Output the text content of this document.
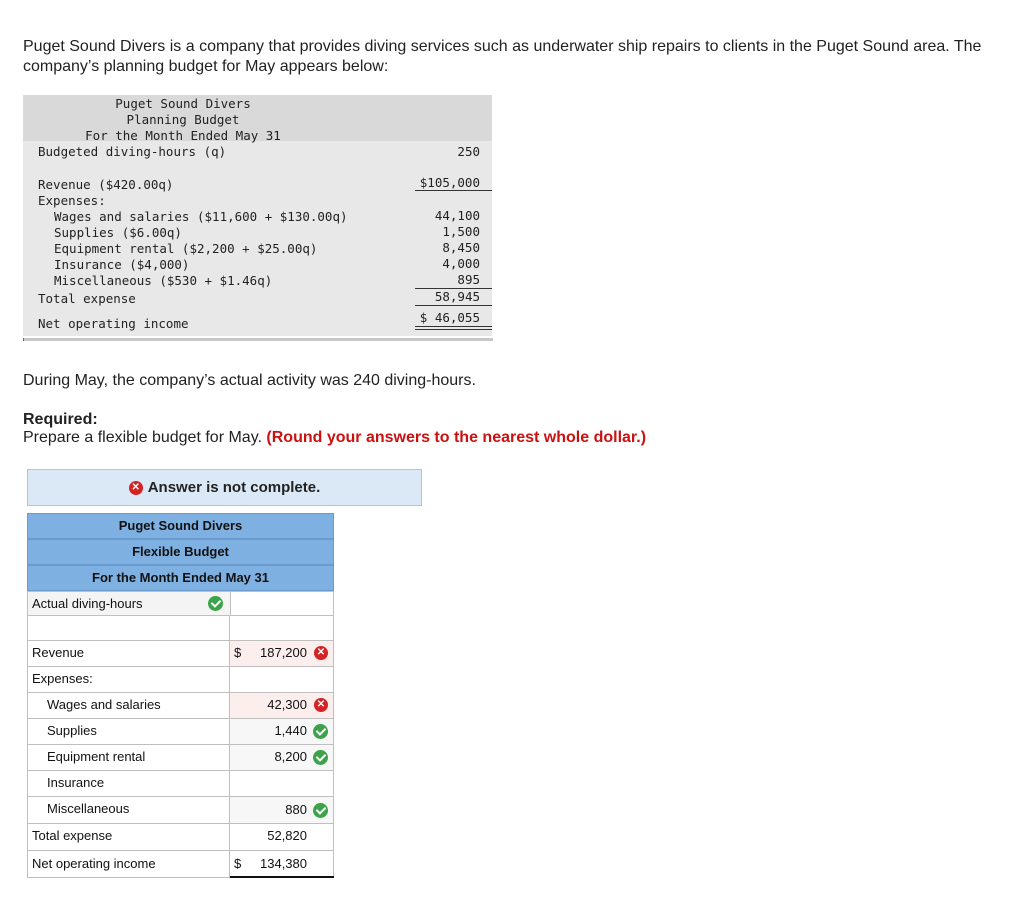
Puget Sound Divers is a company that provides diving services such as underwater ship repairs to clients in the Puget Sound area. The
company’s planning budget for May appears below:
Puget Sound Divers
Planning Budget
For the Month Ended May 31
Budgeted diving-hours (q)	250
Revenue ($420.00q)	$105,000
Expenses:
Wages and salaries ($11,600 + $130.00q)	44,100
Supplies ($6.00q)	1,500
Equipment rental ($2,200 + $25.00q)	8,450
Insurance ($4,000)	4,000
Miscellaneous ($530 + $1.46q)	895
Total expense	58,945
Net operating income	$ 46,055
During May, the company’s actual activity was 240 diving-hours.
Required:
Prepare a flexible budget for May. (Round your answers to the nearest whole dollar.)
✕ Answer is not complete.
Puget Sound Divers
Flexible Budget
For the Month Ended May 31
Actual diving-hours
Revenue	$ 187,200 ✕
Expenses:
Wages and salaries	42,300 ✕
Supplies	1,440
Equipment rental	8,200
Insurance
Miscellaneous	880
Total expense	52,820
Net operating income	$ 134,380
